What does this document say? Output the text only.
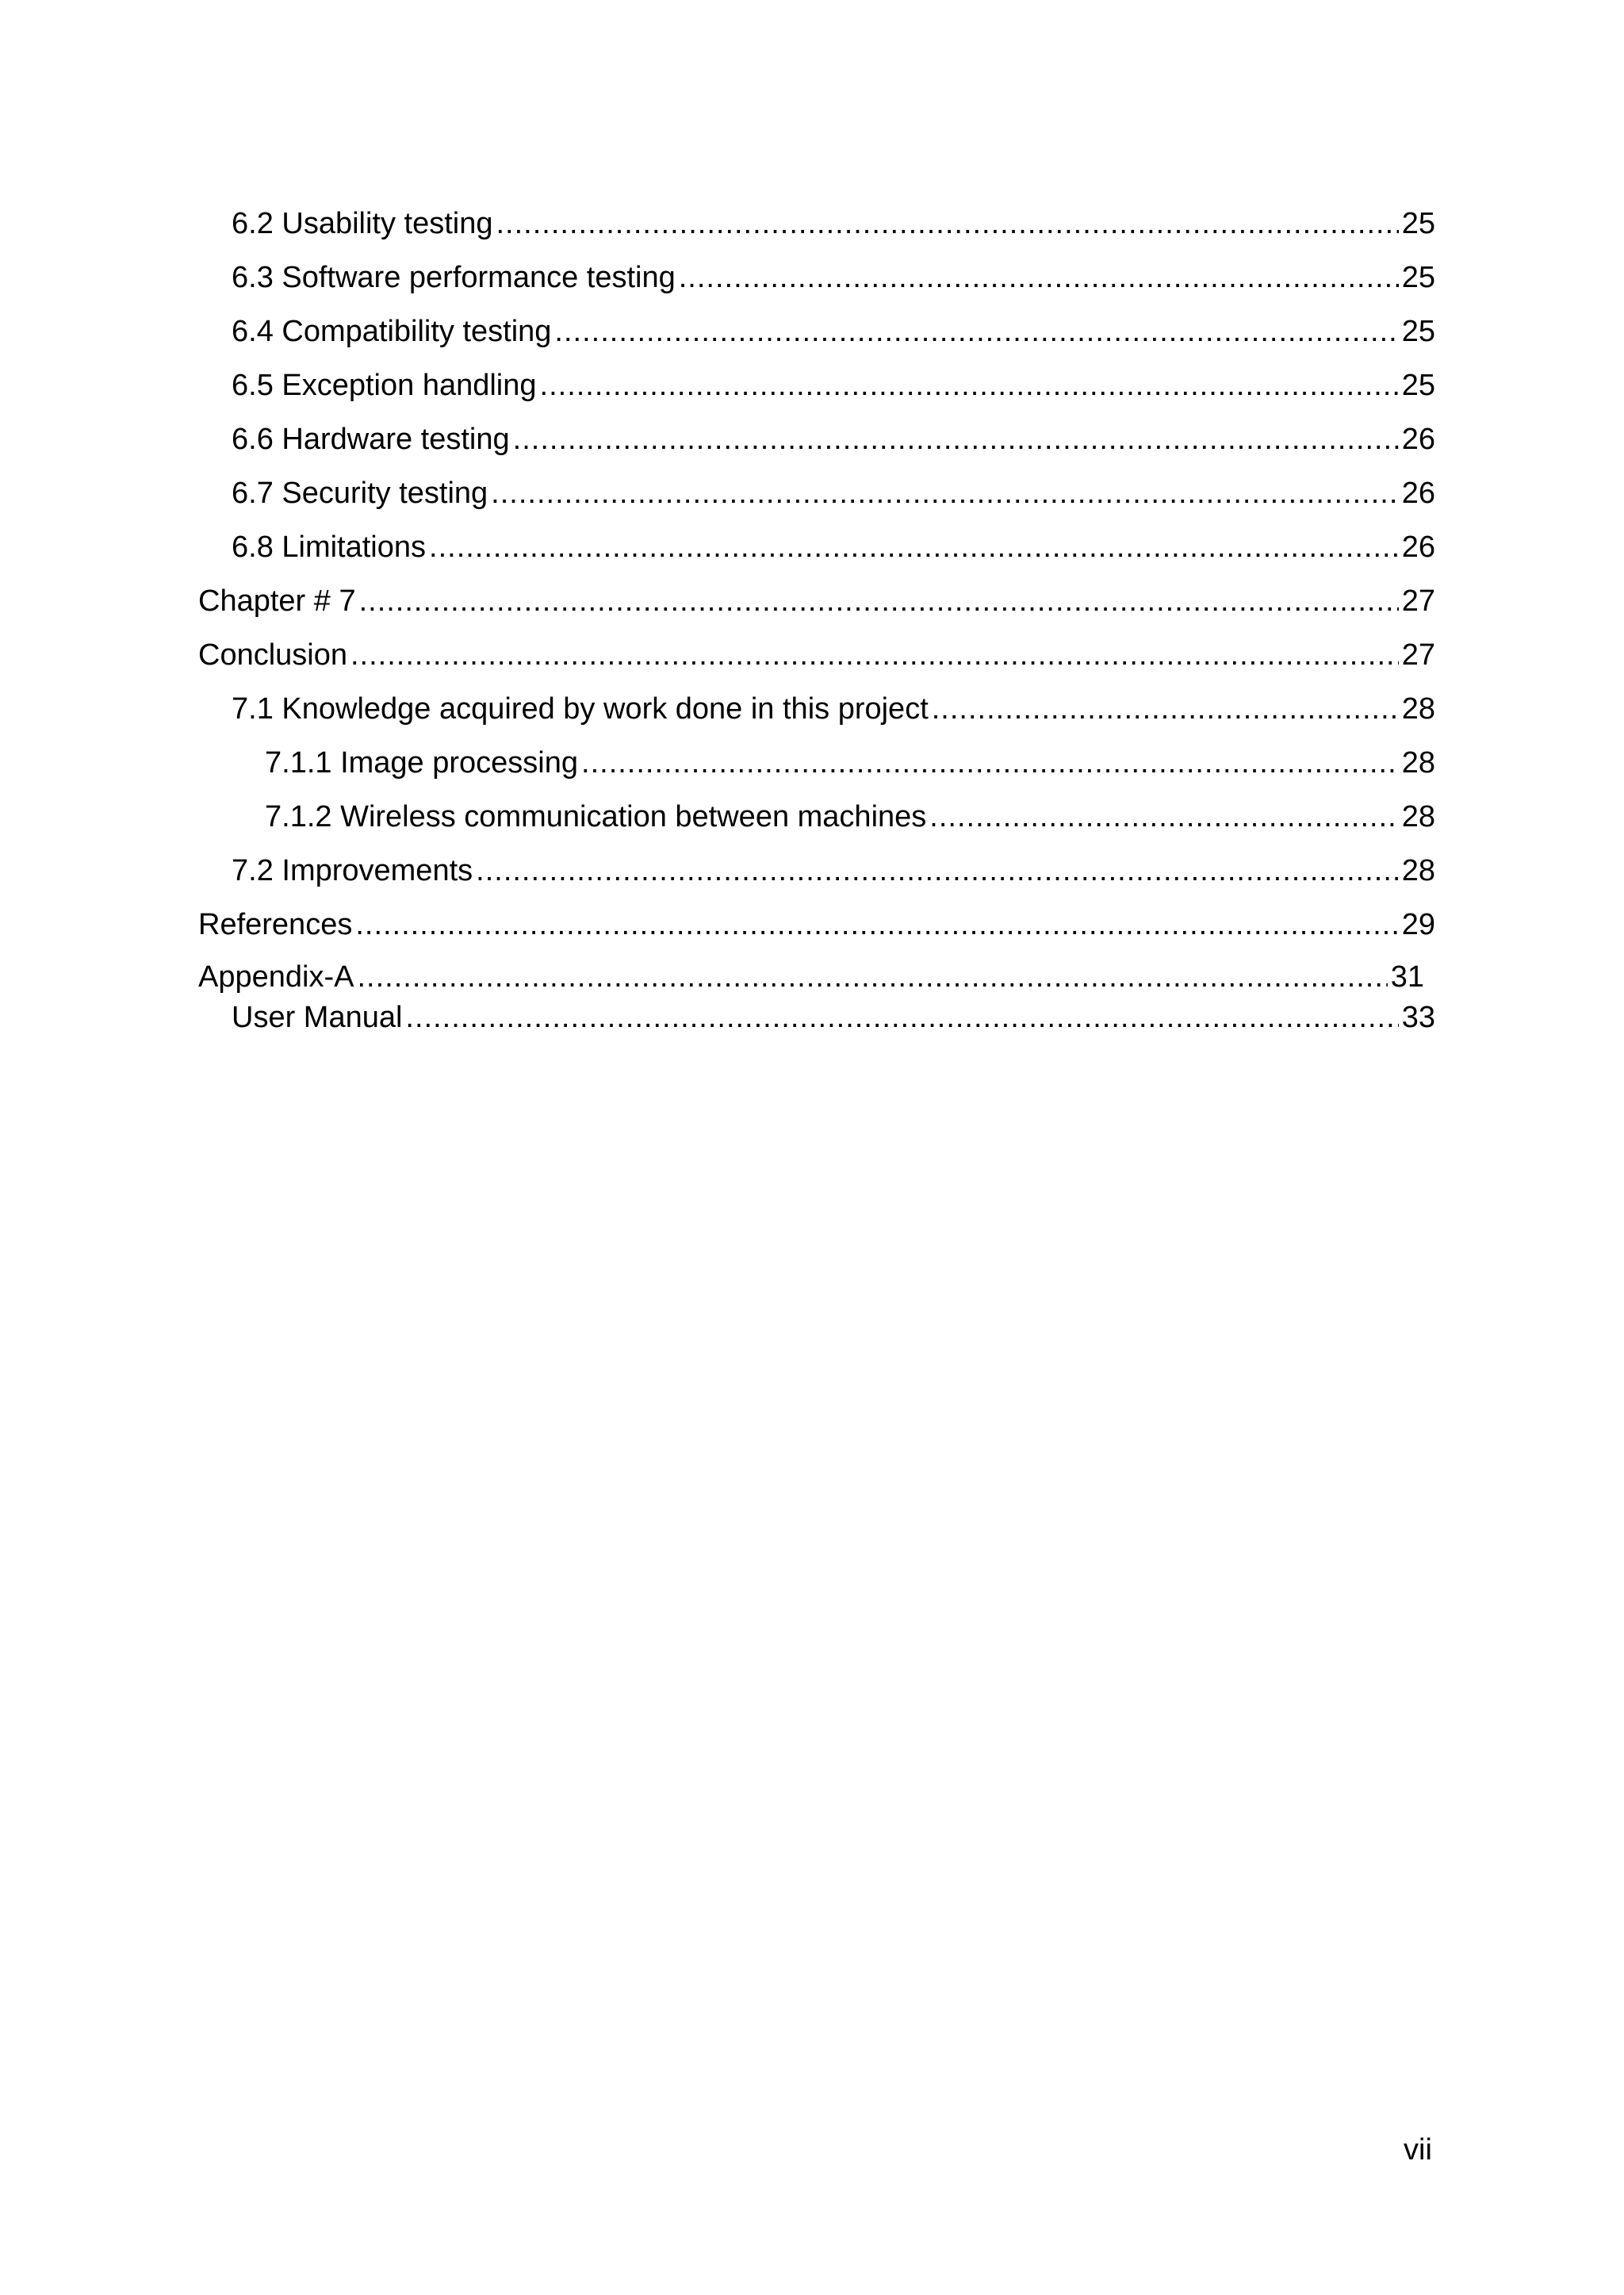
6.2 Usability testing .....	25
6.3 Software performance testing .....	25
6.4 Compatibility testing .....	25
6.5 Exception handling .....	25
6.6 Hardware testing .....	26
6.7 Security testing .....	26
6.8 Limitations .....	26
Chapter # 7 .....	27
Conclusion .....	27
7.1 Knowledge acquired by work done in this project .....	28
7.1.1 Image processing .....	28
7.1.2 Wireless communication between machines .....	28
7.2 Improvements .....	28
References .....	29
Appendix-A .....	31
User Manual .....	33
vii
